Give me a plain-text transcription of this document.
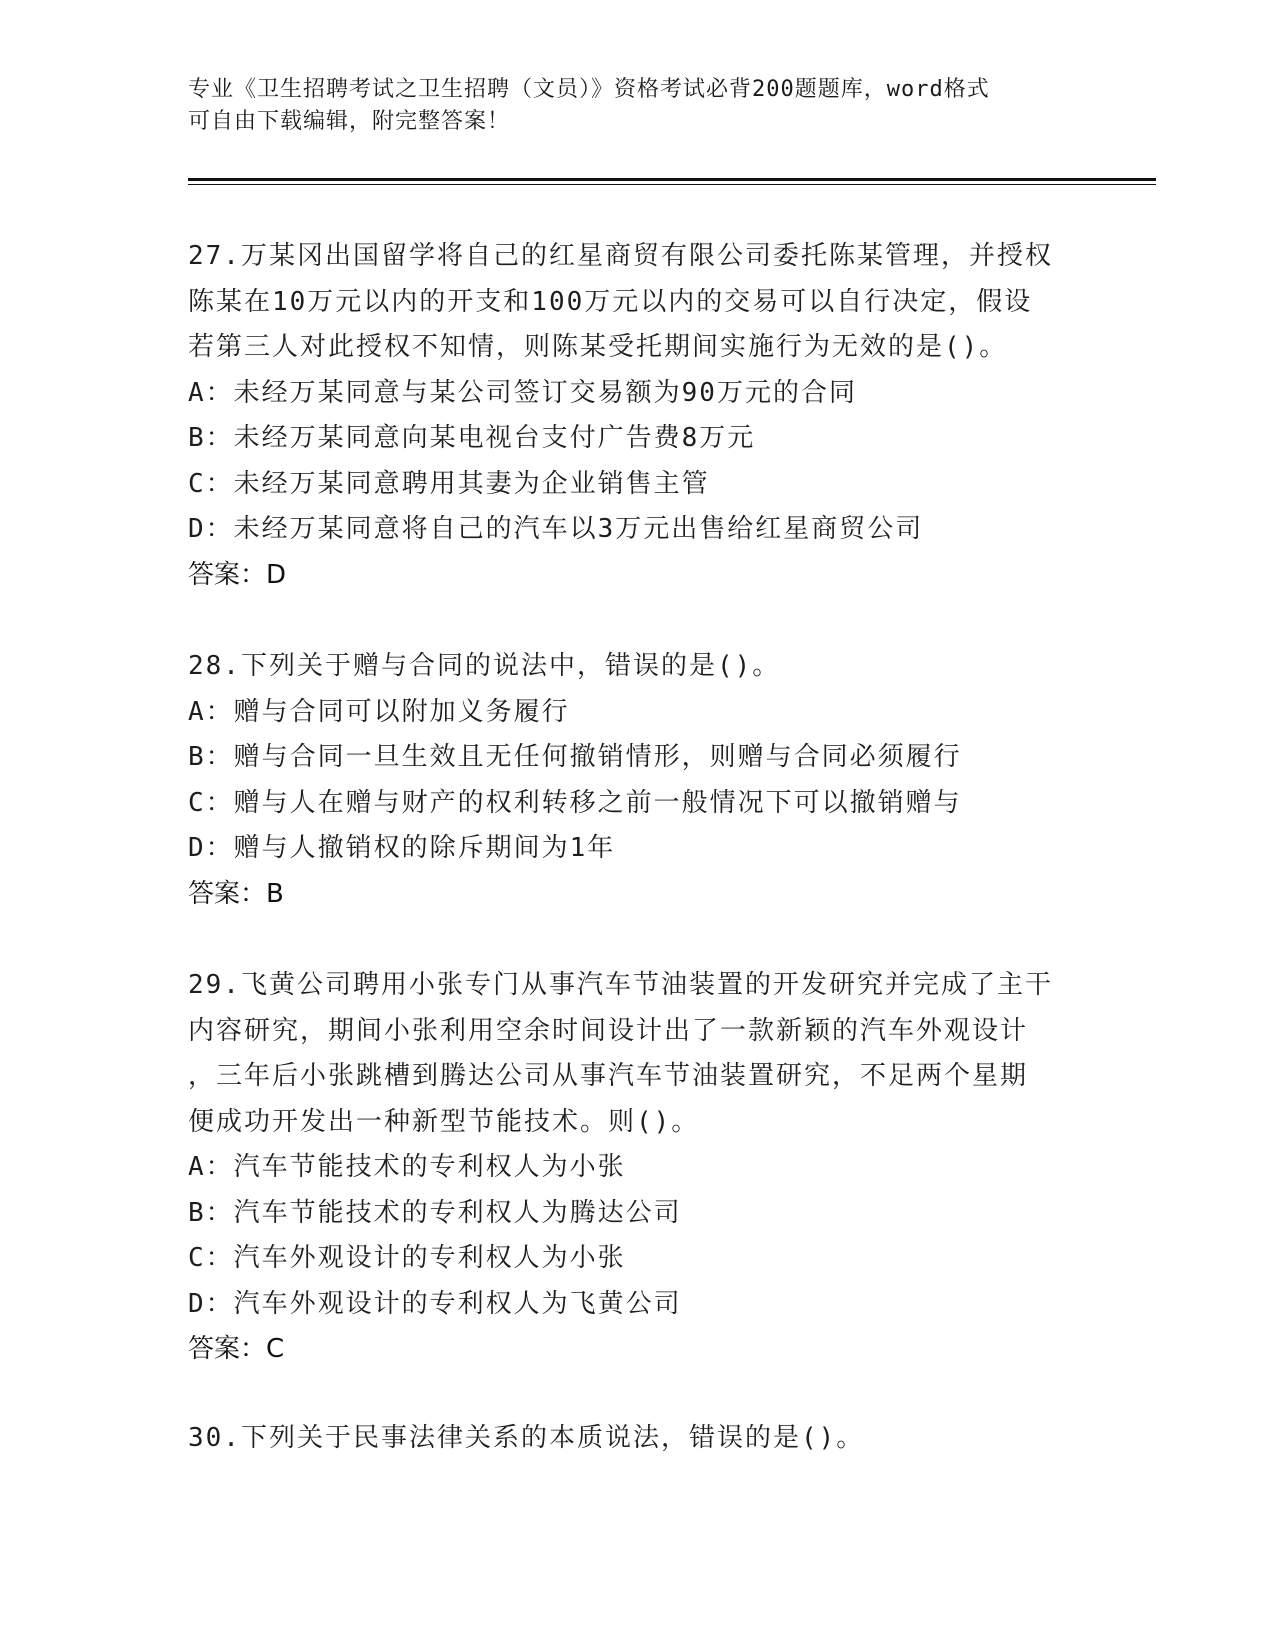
专业《卫生招聘考试之卫生招聘（文员）》资格考试必背200题题库，word格式
可自由下载编辑，附完整答案！
27.万某冈出国留学将自己的红星商贸有限公司委托陈某管理，并授权
陈某在10万元以内的开支和100万元以内的交易可以自行决定，假设
若第三人对此授权不知情，则陈某受托期间实施行为无效的是()。
A：未经万某同意与某公司签订交易额为90万元的合同
B：未经万某同意向某电视台支付广告费8万元
C：未经万某同意聘用其妻为企业销售主管
D：未经万某同意将自己的汽车以3万元出售给红星商贸公司
答案：D
28.下列关于赠与合同的说法中，错误的是()。
A：赠与合同可以附加义务履行
B：赠与合同一旦生效且无任何撤销情形，则赠与合同必须履行
C：赠与人在赠与财产的权利转移之前一般情况下可以撤销赠与
D：赠与人撤销权的除斥期间为1年
答案：B
29.飞黄公司聘用小张专门从事汽车节油装置的开发研究并完成了主干
内容研究，期间小张利用空余时间设计出了一款新颖的汽车外观设计
，三年后小张跳槽到腾达公司从事汽车节油装置研究，不足两个星期
便成功开发出一种新型节能技术。则()。
A：汽车节能技术的专利权人为小张
B：汽车节能技术的专利权人为腾达公司
C：汽车外观设计的专利权人为小张
D：汽车外观设计的专利权人为飞黄公司
答案：C
30.下列关于民事法律关系的本质说法，错误的是()。
